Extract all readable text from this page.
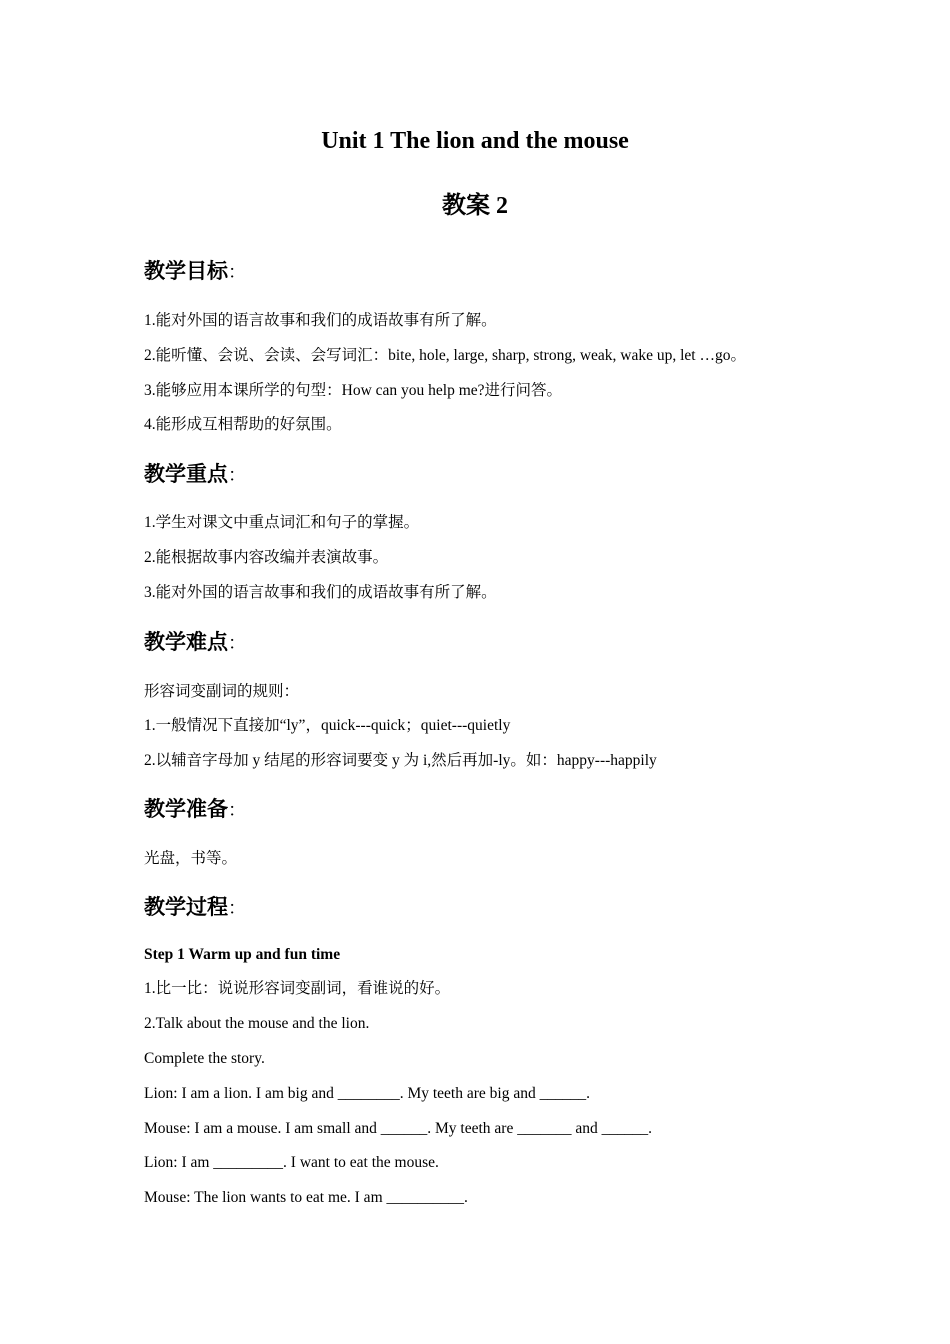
Unit 1 The lion and the mouse
教案 2
教学目标：
1.能对外国的语言故事和我们的成语故事有所了解。
2.能听懂、会说、会读、会写词汇：bite, hole, large, sharp, strong, weak, wake up, let …go。
3.能够应用本课所学的句型：How can you help me?进行问答。
4.能形成互相帮助的好氛围。
教学重点：
1.学生对课文中重点词汇和句子的掌握。
2.能根据故事内容改编并表演故事。
3.能对外国的语言故事和我们的成语故事有所了解。
教学难点：
形容词变副词的规则：
1.一般情况下直接加“ly”，quick---quick；quiet---quietly
2.以辅音字母加 y 结尾的形容词要变 y 为 i,然后再加-ly。如：happy---happily
教学准备：
光盘，书等。
教学过程：
Step 1 Warm up and fun time
1.比一比：说说形容词变副词，看谁说的好。
2.Talk about the mouse and the lion.
Complete the story.
Lion: I am a lion. I am big and ________. My teeth are big and ______.
Mouse: I am a mouse. I am small and ______. My teeth are _______ and ______.
Lion: I am _________. I want to eat the mouse.
Mouse: The lion wants to eat me. I am __________.
